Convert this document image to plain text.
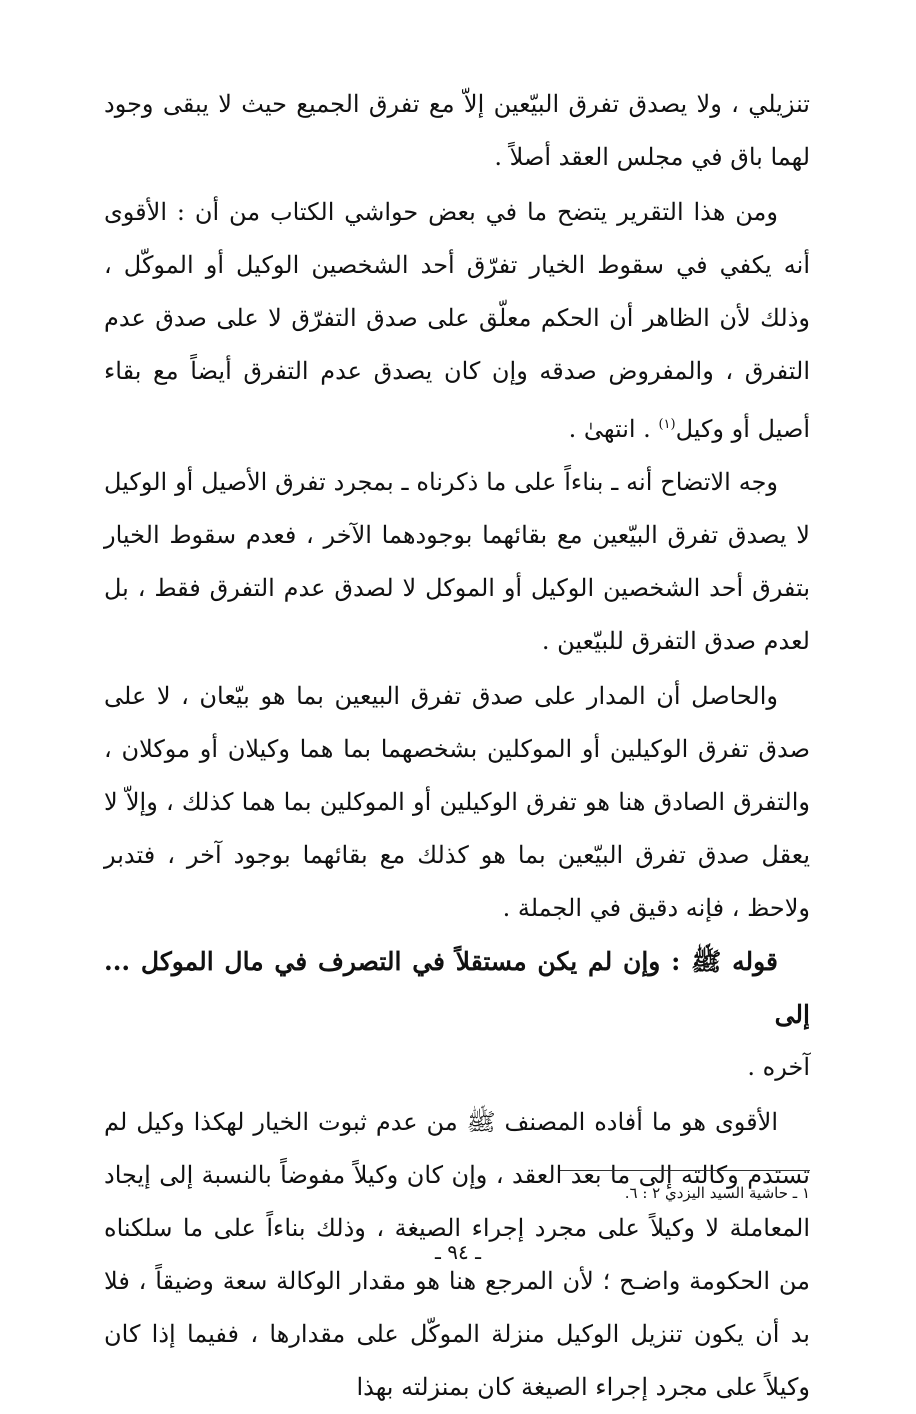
تنزيلي ، ولا يصدق تفرق البيّعين إلاّ مع تفرق الجميع حيث لا يبقى وجود لهما باق في مجلس العقد أصلاً .

ومن هذا التقرير يتضح ما في بعض حواشي الكتاب من أن : الأقوى أنه يكفي في سقوط الخيار تفرّق أحد الشخصين الوكيل أو الموكّل ، وذلك لأن الظاهر أن الحكم معلّق على صدق التفرّق لا على صدق عدم التفرق ، والمفروض صدقه وإن كان يصدق عدم التفرق أيضاً مع بقاء أصيل أو وكيل$^{(١)}$ . انتهىٰ .

وجه الاتضاح أنه ـ بناءاً على ما ذكرناه ـ بمجرد تفرق الأصيل أو الوكيل لا يصدق تفرق البيّعين مع بقائهما بوجودهما الآخر ، فعدم سقوط الخيار بتفرق أحد الشخصين الوكيل أو الموكل لا لصدق عدم التفرق فقط ، بل لعدم صدق التفرق للبيّعين .

والحاصل أن المدار على صدق تفرق البيعين بما هو بيّعان ، لا على صدق تفرق الوكيلين أو الموكلين بشخصهما بما هما وكيلان أو موكلان ، والتفرق الصادق هنا هو تفرق الوكيلين أو الموكلين بما هما كذلك ، وإلاّ لا يعقل صدق تفرق البيّعين بما هو كذلك مع بقائهما بوجود آخر ، فتدبر ولاحظ ، فإنه دقيق في الجملة .

قوله ﷺ : وإن لم يكن مستقلاً في التصرف في مال الموكل ... إلى

آخره .

الأقوى هو ما أفاده المصنف ﷺ من عدم ثبوت الخيار لهكذا وكيل لم تستدم وكالته إلى ما بعد العقد ، وإن كان وكيلاً مفوضاً بالنسبة إلى إيجاد المعاملة لا وكيلاً على مجرد إجراء الصيغة ، وذلك بناءاً على ما سلكناه من الحكومة واضـح ؛ لأن المرجع هنا هو مقدار الوكالة سعة وضيقاً ، فلا بد أن يكون تنزيل الوكيل منزلة الموكّل على مقدارها ، ففيما إذا كان وكيلاً على مجرد إجراء الصيغة كان بمنزلته بهذا

١ ـ حاشية السيد اليزدي ٢ : ٦.

ـ ٩٤ ـ
